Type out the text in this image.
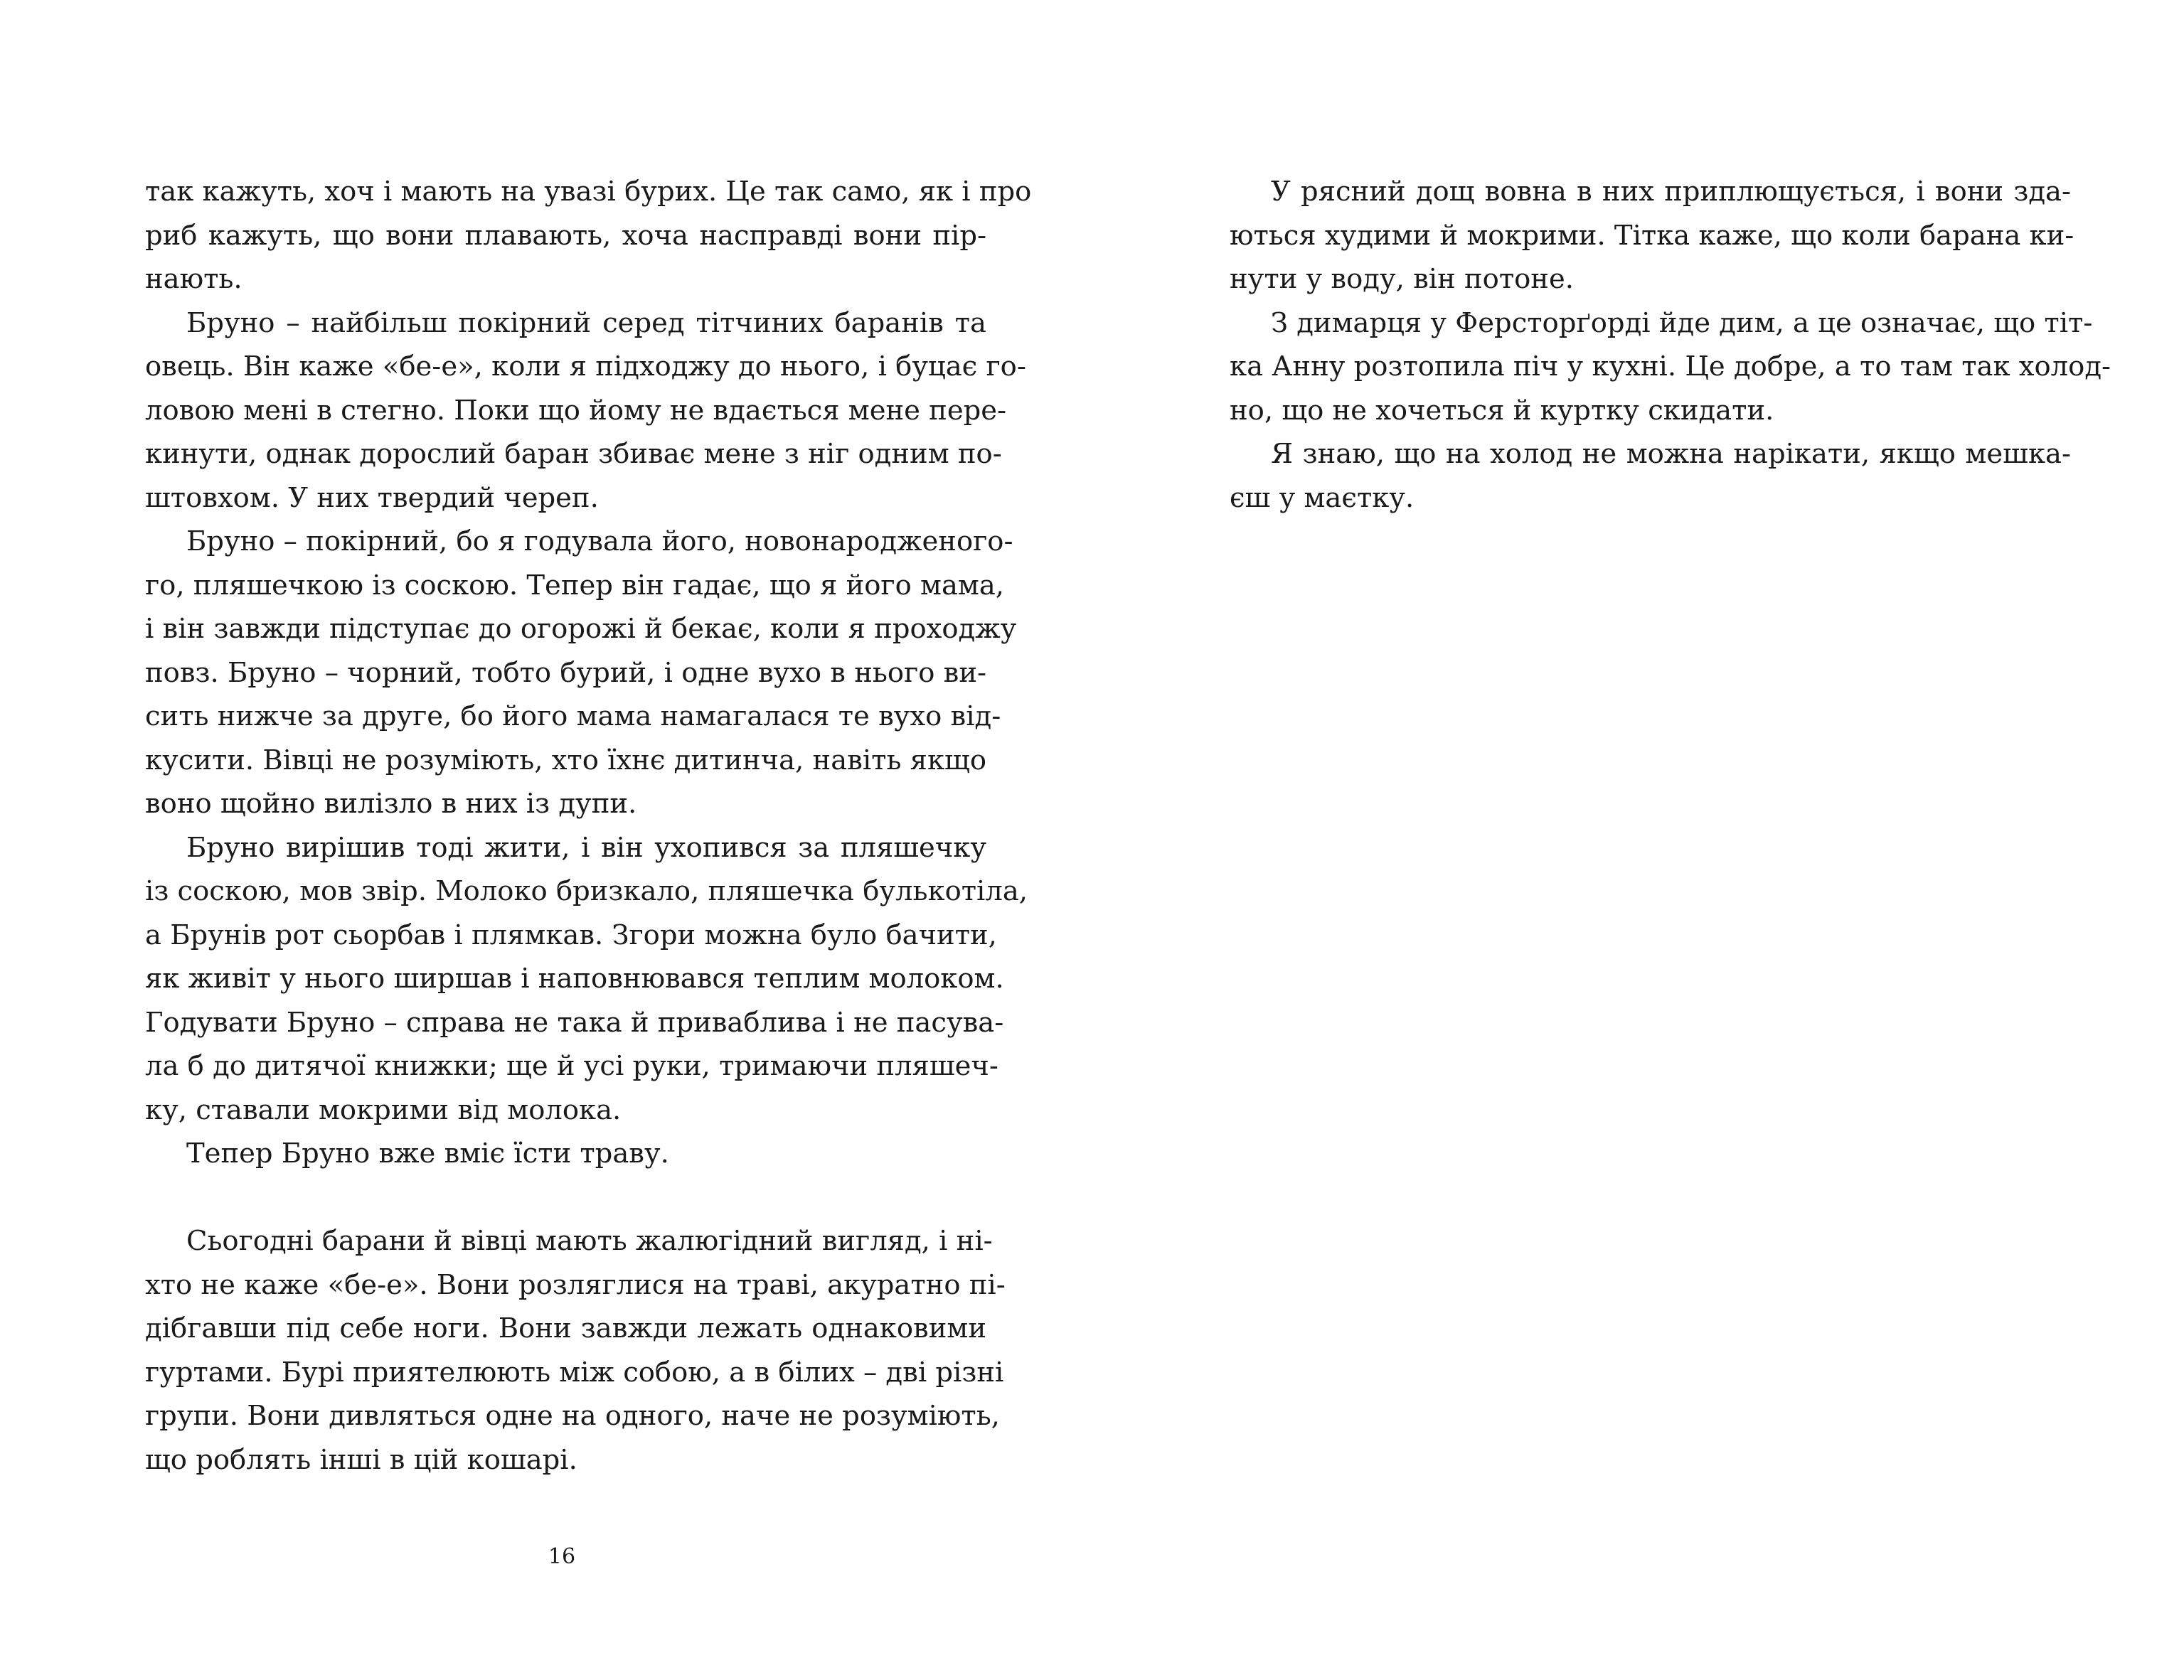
так кажуть, хоч і мають на увазі бурих. Це так само, як і про
риб кажуть, що вони плавають, хоча насправді вони пір-
нають.
Бруно – найбільш покірний серед тітчиних баранів та
овець. Він каже «бе-е», коли я підходжу до нього, і буцає го-
ловою мені в стегно. Поки що йому не вдається мене пере-
кинути, однак дорослий баран збиває мене з ніг одним по-
штовхом. У них твердий череп.
Бруно – покірний, бо я годувала його, новонародженого-
го, пляшечкою із соскою. Тепер він гадає, що я його мама,
і він завжди підступає до огорожі й бекає, коли я проходжу
повз. Бруно – чорний, тобто бурий, і одне вухо в нього ви-
сить нижче за друге, бо його мама намагалася те вухо від-
кусити. Вівці не розуміють, хто їхнє дитинча, навіть якщо
воно щойно вилізло в них із дупи.
Бруно вирішив тоді жити, і він ухопився за пляшечку
із соскою, мов звір. Молоко бризкало, пляшечка булькотіла,
а Брунів рот сьорбав і плямкав. Згори можна було бачити,
як живіт у нього ширшав і наповнювався теплим молоком.
Годувати Бруно – справа не така й приваблива і не пасува-
ла б до дитячої книжки; ще й усі руки, тримаючи пляшеч-
ку, ставали мокрими від молока.
Тепер Бруно вже вміє їсти траву.
Сьогодні барани й вівці мають жалюгідний вигляд, і ні-
хто не каже «бе-е». Вони розляглися на траві, акуратно пі-
дібгавши під себе ноги. Вони завжди лежать однаковими
гуртами. Бурі приятелюють між собою, а в білих – дві різні
групи. Вони дивляться одне на одного, наче не розуміють,
що роблять інші в цій кошарі.
16
У рясний дощ вовна в них приплющується, і вони зда-
ються худими й мокрими. Тітка каже, що коли барана ки-
нути у воду, він потоне.
З димарця у Ферсторґорді йде дим, а це означає, що тіт-
ка Анну розтопила піч у кухні. Це добре, а то там так холод-
но, що не хочеться й куртку скидати.
Я знаю, що на холод не можна нарікати, якщо мешка-
єш у маєтку.
